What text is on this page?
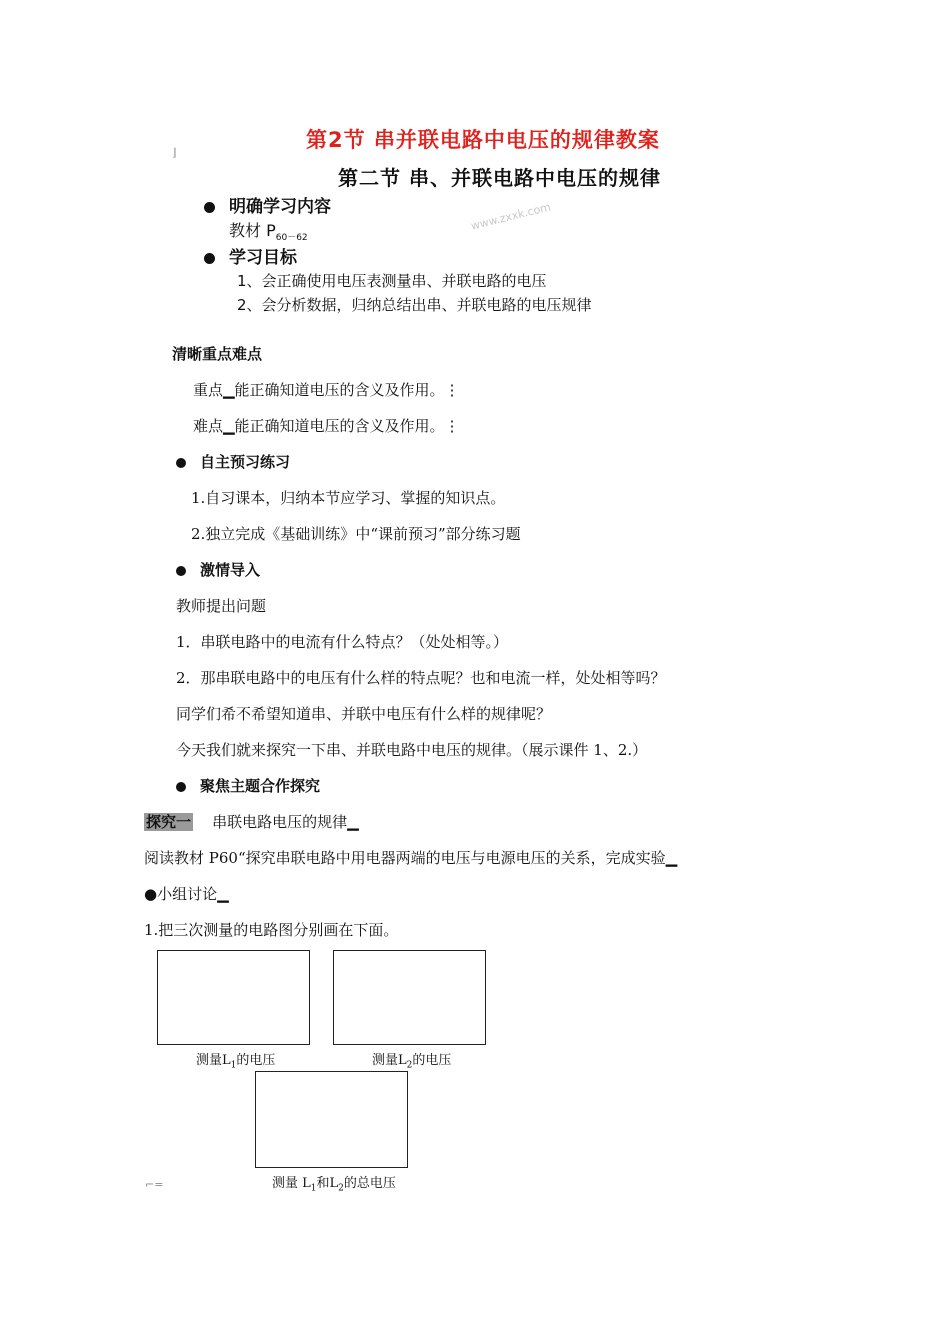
第2节 串并联电路中电压的规律教案
⌋
第二节 串、并联电路中电压的规律
www.zxxk.com
明确学习内容
教材 $P_{60-62}$
学习目标
1、会正确使用电压表测量串、并联电路的电压
2、会分析数据，归纳总结出串、并联电路的电压规律
清晰重点难点
重点▁能正确知道电压的含义及作用。⋮
难点▁能正确知道电压的含义及作用。⋮
自主预习练习
1.自习课本，归纳本节应学习、掌握的知识点。
2.独立完成《基础训练》中“课前预习”部分练习题
激情导入
教师提出问题
1．串联电路中的电流有什么特点？（处处相等。）
2．那串联电路中的电压有什么样的特点呢？也和电流一样，处处相等吗？
同学们希不希望知道串、并联中电压有什么样的规律呢？
今天我们就来探究一下串、并联电路中电压的规律。（展示课件 1、2.）
聚焦主题合作探究
探究一 串联电路电压的规律▁
阅读教材 P60“探究串联电路中用电器两端的电压与电源电压的关系，完成实验▁
●小组讨论▁
1.把三次测量的电路图分别画在下面。
测量$L_1$的电压	测量$L_2$的电压
测量 $L_1$和$L_2$的总电压
⌐=
